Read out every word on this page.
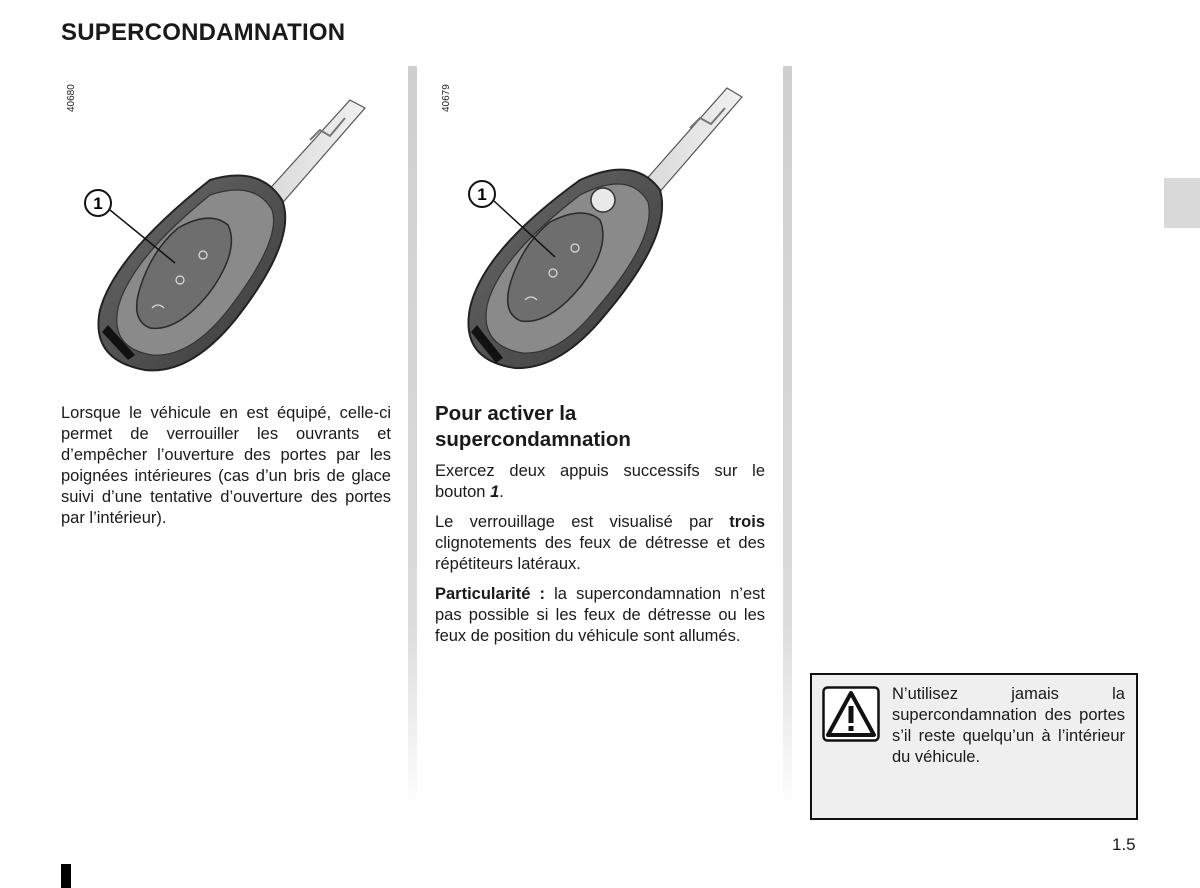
SUPERCONDAMNATION
40680
1
40679
1

Lorsque le véhicule en est équipé, celle-ci permet de verrouiller les ouvrants et d’empêcher l’ouverture des portes par les poignées intérieures (cas d’un bris de glace suivi d’une tentative d’ouverture des portes par l’intérieur).

Pour activer la supercondamnation

Exercez deux appuis successifs sur le bouton 1.

Le verrouillage est visualisé par trois clignotements des feux de détresse et des répétiteurs latéraux.

Particularité : la supercondamnation n’est pas possible si les feux de détresse ou les feux de position du véhicule sont allumés.

N’utilisez jamais la supercondamnation des portes s’il reste quelqu’un à l’intérieur du véhicule.

1.5
